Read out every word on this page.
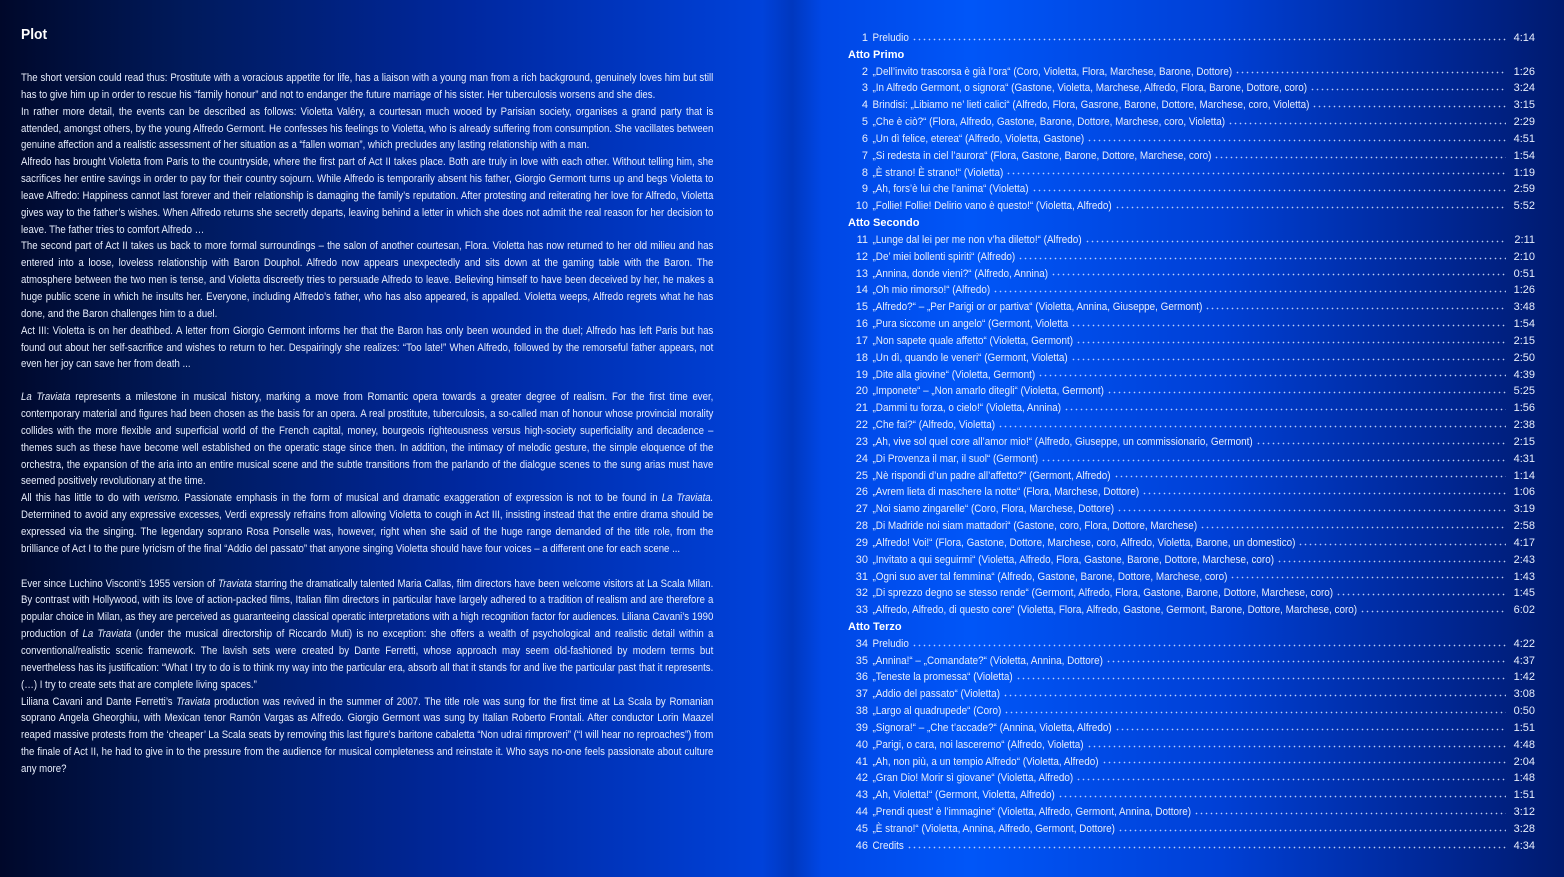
Plot

The short version could read thus: Prostitute with a voracious appetite for life, has a liaison with a young man from a rich background, genuinely loves him but still has to give him up in order to rescue his “family honour” and not to endanger the future marriage of his sister. Her tuberculosis worsens and she dies.

In rather more detail, the events can be described as follows: Violetta Valéry, a courtesan much wooed by Parisian society, organises a grand party that is attended, amongst others, by the young Alfredo Germont. He confesses his feelings to Violetta, who is already suffering from consumption. She vacillates between genuine affection and a realistic assessment of her situation as a “fallen woman”, which precludes any lasting relationship with a man.

Alfredo has brought Violetta from Paris to the countryside, where the first part of Act II takes place. Both are truly in love with each other. Without telling him, she sacrifices her entire savings in order to pay for their country sojourn. While Alfredo is temporarily absent his father, Giorgio Germont turns up and begs Violetta to leave Alfredo: Happiness cannot last forever and their relationship is damaging the family’s reputation. After protesting and reiterating her love for Alfredo, Violetta gives way to the father’s wishes. When Alfredo returns she secretly departs, leaving behind a letter in which she does not admit the real reason for her decision to leave. The father tries to comfort Alfredo …

The second part of Act II takes us back to more formal surroundings – the salon of another courtesan, Flora. Violetta has now returned to her old milieu and has entered into a loose, loveless relationship with Baron Douphol. Alfredo now appears unexpectedly and sits down at the gaming table with the Baron. The atmosphere between the two men is tense, and Violetta discreetly tries to persuade Alfredo to leave. Believing himself to have been deceived by her, he makes a huge public scene in which he insults her. Everyone, including Alfredo’s father, who has also appeared, is appalled. Violetta weeps, Alfredo regrets what he has done, and the Baron challenges him to a duel.

Act III: Violetta is on her deathbed. A letter from Giorgio Germont informs her that the Baron has only been wounded in the duel; Alfredo has left Paris but has found out about her self-sacrifice and wishes to return to her. Despairingly she realizes: “Too late!” When Alfredo, followed by the remorseful father appears, not even her joy can save her from death ...

La Traviata represents a milestone in musical history, marking a move from Romantic opera towards a greater degree of realism. For the first time ever, contemporary material and figures had been chosen as the basis for an opera. A real prostitute, tuberculosis, a so-called man of honour whose provincial morality collides with the more flexible and superficial world of the French capital, money, bourgeois righteousness versus high-society superficiality and decadence – themes such as these have become well established on the operatic stage since then. In addition, the intimacy of melodic gesture, the simple eloquence of the orchestra, the expansion of the aria into an entire musical scene and the subtle transitions from the parlando of the dialogue scenes to the sung arias must have seemed positively revolutionary at the time.

All this has little to do with verismo. Passionate emphasis in the form of musical and dramatic exaggeration of expression is not to be found in La Traviata. Determined to avoid any expressive excesses, Verdi expressly refrains from allowing Violetta to cough in Act III, insisting instead that the entire drama should be expressed via the singing. The legendary soprano Rosa Ponselle was, however, right when she said of the huge range demanded of the title role, from the brilliance of Act I to the pure lyricism of the final “Addio del passato” that anyone singing Violetta should have four voices – a different one for each scene ...

Ever since Luchino Visconti’s 1955 version of Traviata starring the dramatically talented Maria Callas, film directors have been welcome visitors at La Scala Milan. By contrast with Hollywood, with its love of action-packed films, Italian film directors in particular have largely adhered to a tradition of realism and are therefore a popular choice in Milan, as they are perceived as guaranteeing classical operatic interpretations with a high recognition factor for audiences. Liliana Cavani’s 1990 production of La Traviata (under the musical directorship of Riccardo Muti) is no exception: she offers a wealth of psychological and realistic detail within a conventional/realistic scenic framework. The lavish sets were created by Dante Ferretti, whose approach may seem old-fashioned by modern terms but nevertheless has its justification: “What I try to do is to think my way into the particular era, absorb all that it stands for and live the particular past that it represents. (…) I try to create sets that are complete living spaces.”

Liliana Cavani and Dante Ferretti’s Traviata production was revived in the summer of 2007. The title role was sung for the first time at La Scala by Romanian soprano Angela Gheorghiu, with Mexican tenor Ramón Vargas as Alfredo. Giorgio Germont was sung by Italian Roberto Frontali. After conductor Lorin Maazel reaped massive protests from the ‘cheaper’ La Scala seats by removing this last figure’s baritone cabaletta “Non udrai rimproveri” (“I will hear no reproaches”) from the finale of Act II, he had to give in to the pressure from the audience for musical completeness and reinstate it. Who says no-one feels passionate about culture any more?

1 Preludio	4:14
Atto Primo
2 „Dell’invito trascorsa è già l’ora“ (Coro, Violetta, Flora, Marchese, Barone, Dottore)	1:26
3 „In Alfredo Germont, o signora“ (Gastone, Violetta, Marchese, Alfredo, Flora, Barone, Dottore, coro)	3:24
4 Brindisi: „Libiamo ne’ lieti calici“ (Alfredo, Flora, Gasrone, Barone, Dottore, Marchese, coro, Violetta)	3:15
5 „Che è ciò?“ (Flora, Alfredo, Gastone, Barone, Dottore, Marchese, coro, Violetta)	2:29
6 „Un dì felice, eterea“ (Alfredo, Violetta, Gastone)	4:51
7 „Si redesta in ciel l’aurora“ (Flora, Gastone, Barone, Dottore, Marchese, coro)	1:54
8 „È strano! È strano!“ (Violetta)	1:19
9 „Ah, fors’è lui che l’anima“ (Violetta)	2:59
10 „Follie! Follie! Delirio vano è questo!“ (Violetta, Alfredo)	5:52
Atto Secondo
11 „Lunge dal lei per me non v’ha diletto!“ (Alfredo)	2:11
12 „De’ miei bollenti spiriti“ (Alfredo)	2:10
13 „Annina, donde vieni?“ (Alfredo, Annina)	0:51
14 „Oh mio rimorso!“ (Alfredo)	1:26
15 „Alfredo?“ – „Per Parigi or or partiva“ (Violetta, Annina, Giuseppe, Germont)	3:48
16 „Pura siccome un angelo“ (Germont, Violetta	1:54
17 „Non sapete quale affetto“ (Violetta, Germont)	2:15
18 „Un dì, quando le veneri“ (Germont, Violetta)	2:50
19 „Dite alla giovine“ (Violetta, Germont)	4:39
20 „Imponete“ – „Non amarlo ditegli“ (Violetta, Germont)	5:25
21 „Dammi tu forza, o cielo!“ (Violetta, Annina)	1:56
22 „Che fai?“ (Alfredo, Violetta)	2:38
23 „Ah, vive sol quel core all’amor mio!“ (Alfredo, Giuseppe, un commissionario, Germont)	2:15
24 „Di Provenza il mar, il suol“ (Germont)	4:31
25 „Nè rispondi d’un padre all’affetto?“ (Germont, Alfredo)	1:14
26 „Avrem lieta di maschere la notte“ (Flora, Marchese, Dottore)	1:06
27 „Noi siamo zingarelle“ (Coro, Flora, Marchese, Dottore)	3:19
28 „Di Madride noi siam mattadori“ (Gastone, coro, Flora, Dottore, Marchese)	2:58
29 „Alfredo! Voi!“ (Flora, Gastone, Dottore, Marchese, coro, Alfredo, Violetta, Barone, un domestico)	4:17
30 „Invitato a qui seguirmi“ (Violetta, Alfredo, Flora, Gastone, Barone, Dottore, Marchese, coro)	2:43
31 „Ogni suo aver tal femmina“ (Alfredo, Gastone, Barone, Dottore, Marchese, coro)	1:43
32 „Di sprezzo degno se stesso rende“ (Germont, Alfredo, Flora, Gastone, Barone, Dottore, Marchese, coro)	1:45
33 „Alfredo, Alfredo, di questo core“ (Violetta, Flora, Alfredo, Gastone, Germont, Barone, Dottore, Marchese, coro)	6:02
Atto Terzo
34 Preludio	4:22
35 „Annina!“ – „Comandate?“ (Violetta, Annina, Dottore)	4:37
36 „Teneste la promessa“ (Violetta)	1:42
37 „Addio del passato“ (Violetta)	3:08
38 „Largo al quadrupede“ (Coro)	0:50
39 „Signora!“ – „Che t’accade?“ (Annina, Violetta, Alfredo)	1:51
40 „Parigi, o cara, noi lasceremo“ (Alfredo, Violetta)	4:48
41 „Ah, non più, a un tempio Alfredo“ (Violetta, Alfredo)	2:04
42 „Gran Dio! Morir sì giovane“ (Violetta, Alfredo)	1:48
43 „Ah, Violetta!“ (Germont, Violetta, Alfredo)	1:51
44 „Prendi quest’ è l’immagine“ (Violetta, Alfredo, Germont, Annina, Dottore)	3:12
45 „È strano!“ (Violetta, Annina, Alfredo, Germont, Dottore)	3:28
46 Credits	4:34
